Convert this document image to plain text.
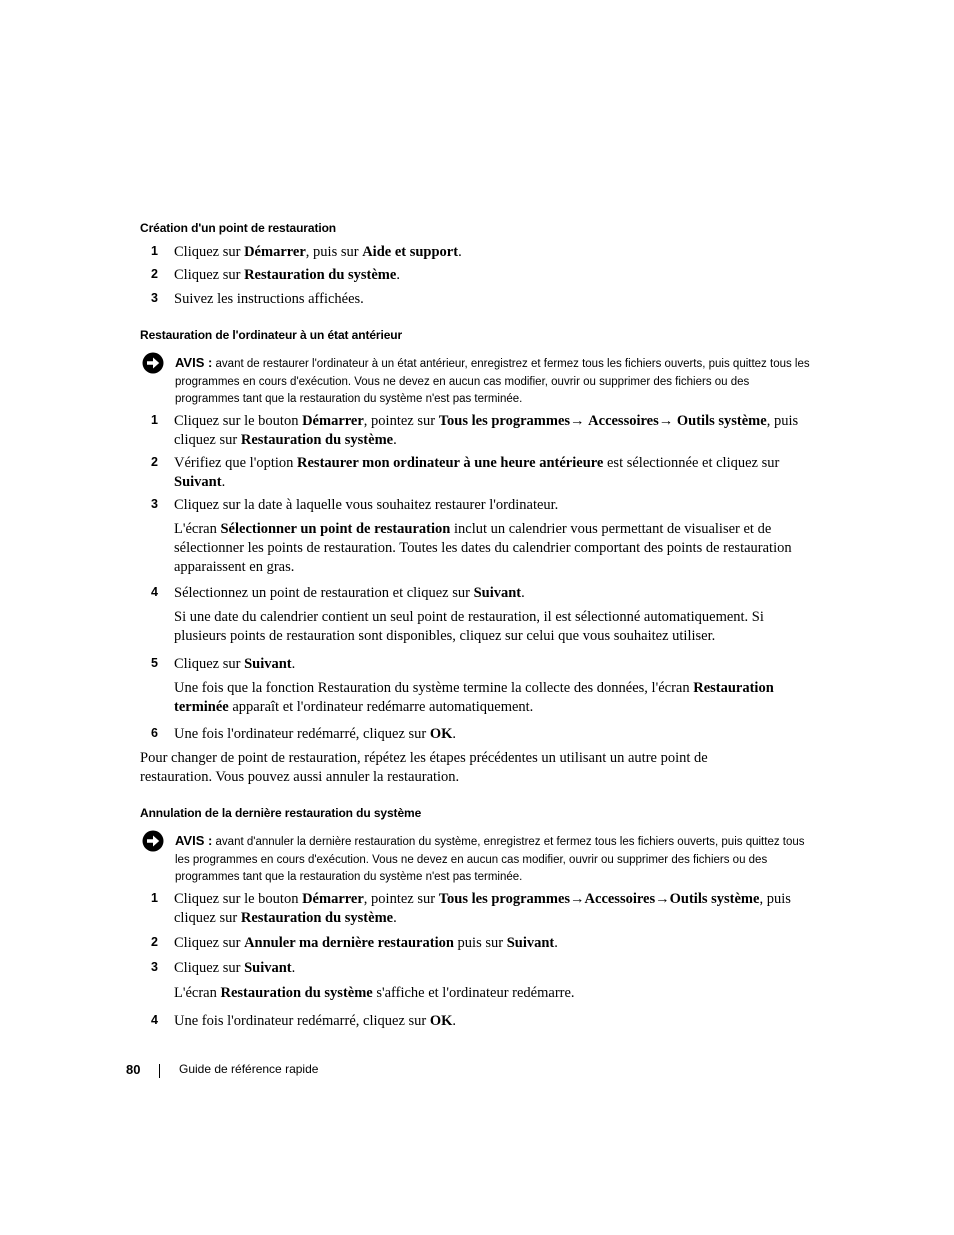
Création d'un point de restauration
1 Cliquez sur Démarrer, puis sur Aide et support.
2 Cliquez sur Restauration du système.
3 Suivez les instructions affichées.
Restauration de l'ordinateur à un état antérieur
AVIS : avant de restaurer l'ordinateur à un état antérieur, enregistrez et fermez tous les fichiers ouverts, puis quittez tous les programmes en cours d'exécution. Vous ne devez en aucun cas modifier, ouvrir ou supprimer des fichiers ou des programmes tant que la restauration du système n'est pas terminée.
1 Cliquez sur le bouton Démarrer, pointez sur Tous les programmes→ Accessoires→ Outils système, puis cliquez sur Restauration du système.
2 Vérifiez que l'option Restaurer mon ordinateur à une heure antérieure est sélectionnée et cliquez sur Suivant.
3 Cliquez sur la date à laquelle vous souhaitez restaurer l'ordinateur.
L'écran Sélectionner un point de restauration inclut un calendrier vous permettant de visualiser et de sélectionner les points de restauration. Toutes les dates du calendrier comportant des points de restauration apparaissent en gras.
4 Sélectionnez un point de restauration et cliquez sur Suivant.
Si une date du calendrier contient un seul point de restauration, il est sélectionné automatiquement. Si plusieurs points de restauration sont disponibles, cliquez sur celui que vous souhaitez utiliser.
5 Cliquez sur Suivant.
Une fois que la fonction Restauration du système termine la collecte des données, l'écran Restauration terminée apparaît et l'ordinateur redémarre automatiquement.
6 Une fois l'ordinateur redémarré, cliquez sur OK.
Pour changer de point de restauration, répétez les étapes précédentes un utilisant un autre point de restauration. Vous pouvez aussi annuler la restauration.
Annulation de la dernière restauration du système
AVIS : avant d'annuler la dernière restauration du système, enregistrez et fermez tous les fichiers ouverts, puis quittez tous les programmes en cours d'exécution. Vous ne devez en aucun cas modifier, ouvrir ou supprimer des fichiers ou des programmes tant que la restauration du système n'est pas terminée.
1 Cliquez sur le bouton Démarrer, pointez sur Tous les programmes→Accessoires→Outils système, puis cliquez sur Restauration du système.
2 Cliquez sur Annuler ma dernière restauration puis sur Suivant.
3 Cliquez sur Suivant.
L'écran Restauration du système s'affiche et l'ordinateur redémarre.
4 Une fois l'ordinateur redémarré, cliquez sur OK.
80	Guide de référence rapide
